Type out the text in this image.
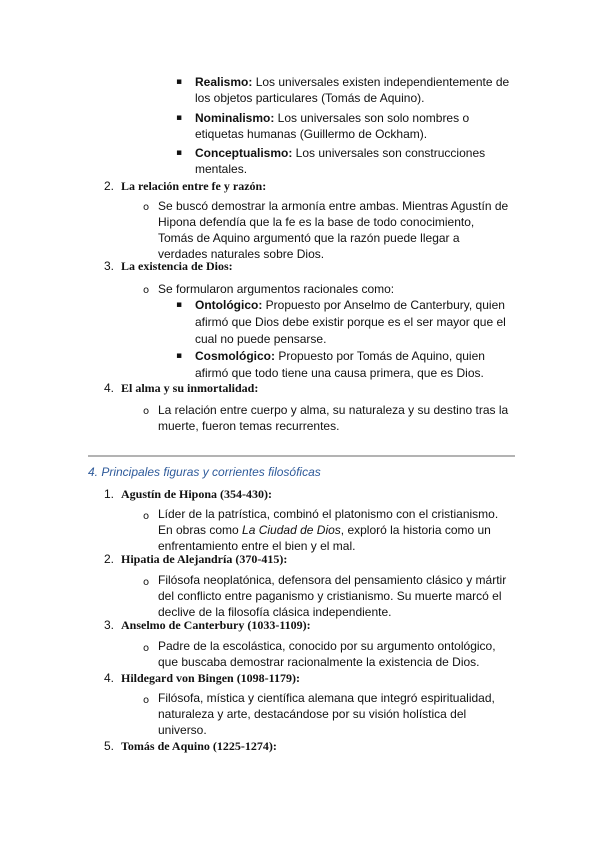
▪ Realismo: Los universales existen independientemente de
los objetos particulares (Tomás de Aquino).
▪ Nominalismo: Los universales son solo nombres o
etiquetas humanas (Guillermo de Ockham).
▪ Conceptualismo: Los universales son construcciones
mentales.
2. La relación entre fe y razón:
o Se buscó demostrar la armonía entre ambas. Mientras Agustín de
Hipona defendía que la fe es la base de todo conocimiento,
Tomás de Aquino argumentó que la razón puede llegar a
verdades naturales sobre Dios.
3. La existencia de Dios:
o Se formularon argumentos racionales como:
▪ Ontológico: Propuesto por Anselmo de Canterbury, quien
afirmó que Dios debe existir porque es el ser mayor que el
cual no puede pensarse.
▪ Cosmológico: Propuesto por Tomás de Aquino, quien
afirmó que todo tiene una causa primera, que es Dios.
4. El alma y su inmortalidad:
o La relación entre cuerpo y alma, su naturaleza y su destino tras la
muerte, fueron temas recurrentes.
4. Principales figuras y corrientes filosóficas
1. Agustín de Hipona (354-430):
o Líder de la patrística, combinó el platonismo con el cristianismo.
En obras como La Ciudad de Dios, exploró la historia como un
enfrentamiento entre el bien y el mal.
2. Hipatia de Alejandría (370-415):
o Filósofa neoplatónica, defensora del pensamiento clásico y mártir
del conflicto entre paganismo y cristianismo. Su muerte marcó el
declive de la filosofía clásica independiente.
3. Anselmo de Canterbury (1033-1109):
o Padre de la escolástica, conocido por su argumento ontológico,
que buscaba demostrar racionalmente la existencia de Dios.
4. Hildegard von Bingen (1098-1179):
o Filósofa, mística y científica alemana que integró espiritualidad,
naturaleza y arte, destacándose por su visión holística del
universo.
5. Tomás de Aquino (1225-1274):
